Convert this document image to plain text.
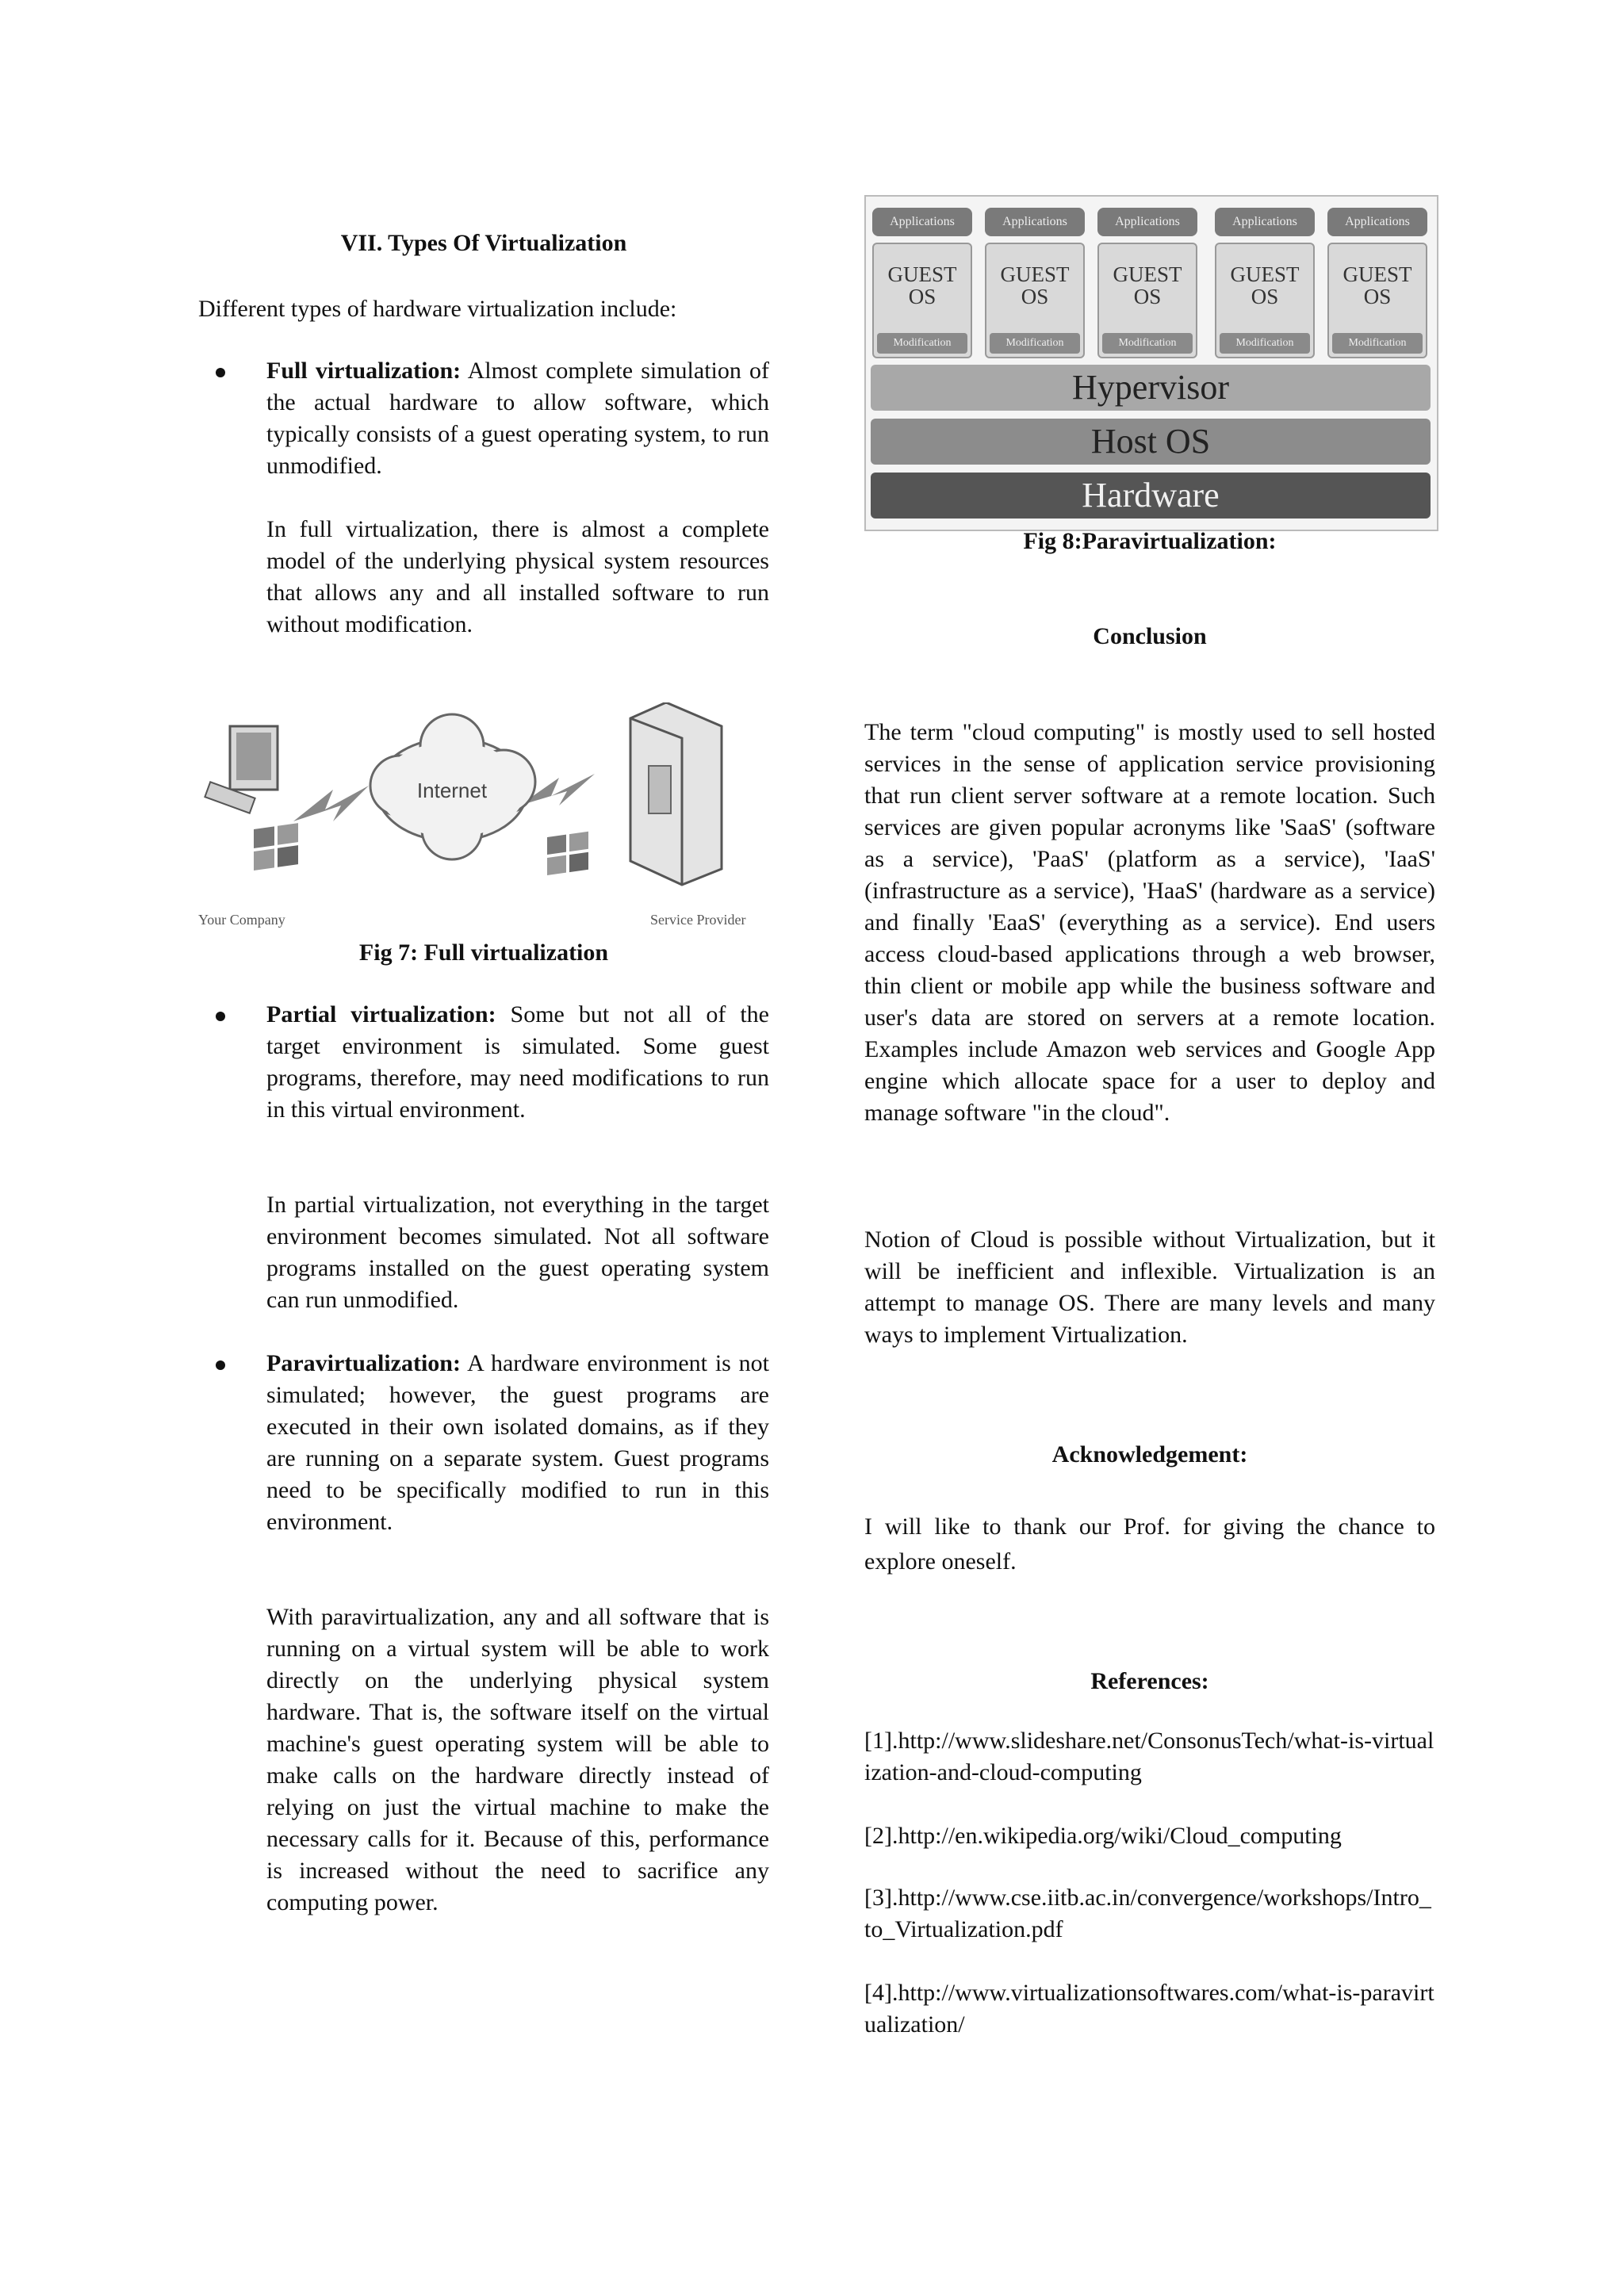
VII. Types Of Virtualization

Different types of hardware virtualization include:

Full virtualization: Almost complete simulation of the actual hardware to allow software, which typically consists of a guest operating system, to run unmodified.

In full virtualization, there is almost a complete model of the underlying physical system resources that allows any and all installed software to run without modification.

Internet
Your Company	Service Provider
Fig 7: Full virtualization

Partial virtualization: Some but not all of the target environment is simulated. Some guest programs, therefore, may need modifications to run in this virtual environment.

In partial virtualization, not everything in the target environment becomes simulated. Not all software programs installed on the guest operating system can run unmodified.

Paravirtualization: A hardware environment is not simulated; however, the guest programs are executed in their own isolated domains, as if they are running on a separate system. Guest programs need to be specifically modified to run in this environment.

With paravirtualization, any and all software that is running on a virtual system will be able to work directly on the underlying physical system hardware. That is, the software itself on the virtual machine's guest operating system will be able to make calls on the hardware directly instead of relying on just the virtual machine to make the necessary calls for it. Because of this, performance is increased without the need to sacrifice any computing power.

Applications
GUEST
OS
Modification
Applications
GUEST
OS
Modification
Applications
GUEST
OS
Modification
Applications
GUEST
OS
Modification
Applications
GUEST
OS
Modification
Hypervisor
Host OS
Hardware
Fig 8:Paravirtualization:
Conclusion

The term "cloud computing" is mostly used to sell hosted services in the sense of application service provisioning that run client server software at a remote location. Such services are given popular acronyms like 'SaaS' (software as a service), 'PaaS' (platform as a service), 'IaaS' (infrastructure as a service), 'HaaS' (hardware as a service) and finally 'EaaS' (everything as a service). End users access cloud-based applications through a web browser, thin client or mobile app while the business software and user's data are stored on servers at a remote location. Examples include Amazon web services and Google App engine which allocate space for a user to deploy and manage software "in the cloud".

Notion of Cloud is possible without Virtualization, but it will be inefficient and inflexible. Virtualization is an attempt to manage OS. There are many levels and many ways to implement Virtualization.

Acknowledgement:

I will like to thank our Prof. for giving the chance to explore oneself.

References:

[1].http://www.slideshare.net/ConsonusTech/what-is-virtualization-and-cloud-computing

[2].http://en.wikipedia.org/wiki/Cloud_computing

[3].http://www.cse.iitb.ac.in/convergence/workshops/Intro_to_Virtualization.pdf

[4].http://www.virtualizationsoftwares.com/what-is-paravirtualization/
